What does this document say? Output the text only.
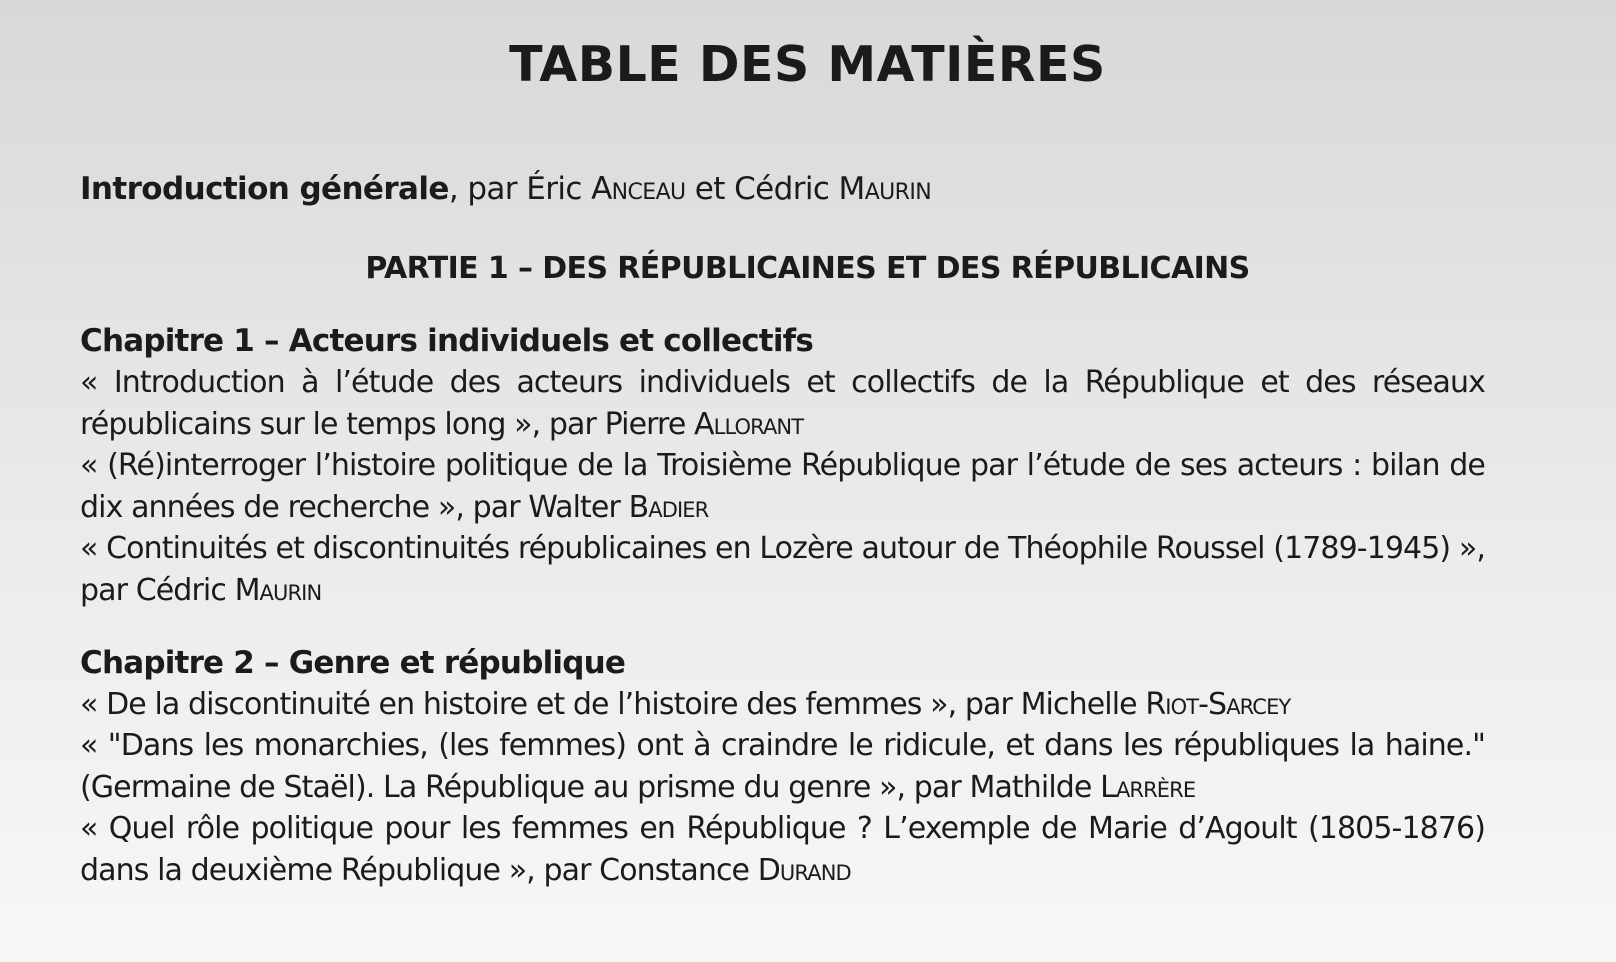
TABLE DES MATIÈRES
Introduction générale, par Éric Anceau et Cédric Maurin
PARTIE 1 – DES RÉPUBLICAINES ET DES RÉPUBLICAINS
Chapitre 1 – Acteurs individuels et collectifs
« Introduction à l’étude des acteurs individuels et collectifs de la République et des réseaux républicains sur le temps long », par Pierre Allorant
« (Ré)interroger l’histoire politique de la Troisième République par l’étude de ses acteurs : bilan de dix années de recherche », par Walter Badier
« Continuités et discontinuités républicaines en Lozère autour de Théophile Roussel (1789-1945) », par Cédric Maurin
Chapitre 2 – Genre et république
« De la discontinuité en histoire et de l’histoire des femmes », par Michelle Riot-Sarcey
« "Dans les monarchies, (les femmes) ont à craindre le ridicule, et dans les républiques la haine." (Germaine de Staël). La République au prisme du genre », par Mathilde Larrère
« Quel rôle politique pour les femmes en République ? L’exemple de Marie d’Agoult (1805-1876) dans la deuxième République », par Constance Durand
